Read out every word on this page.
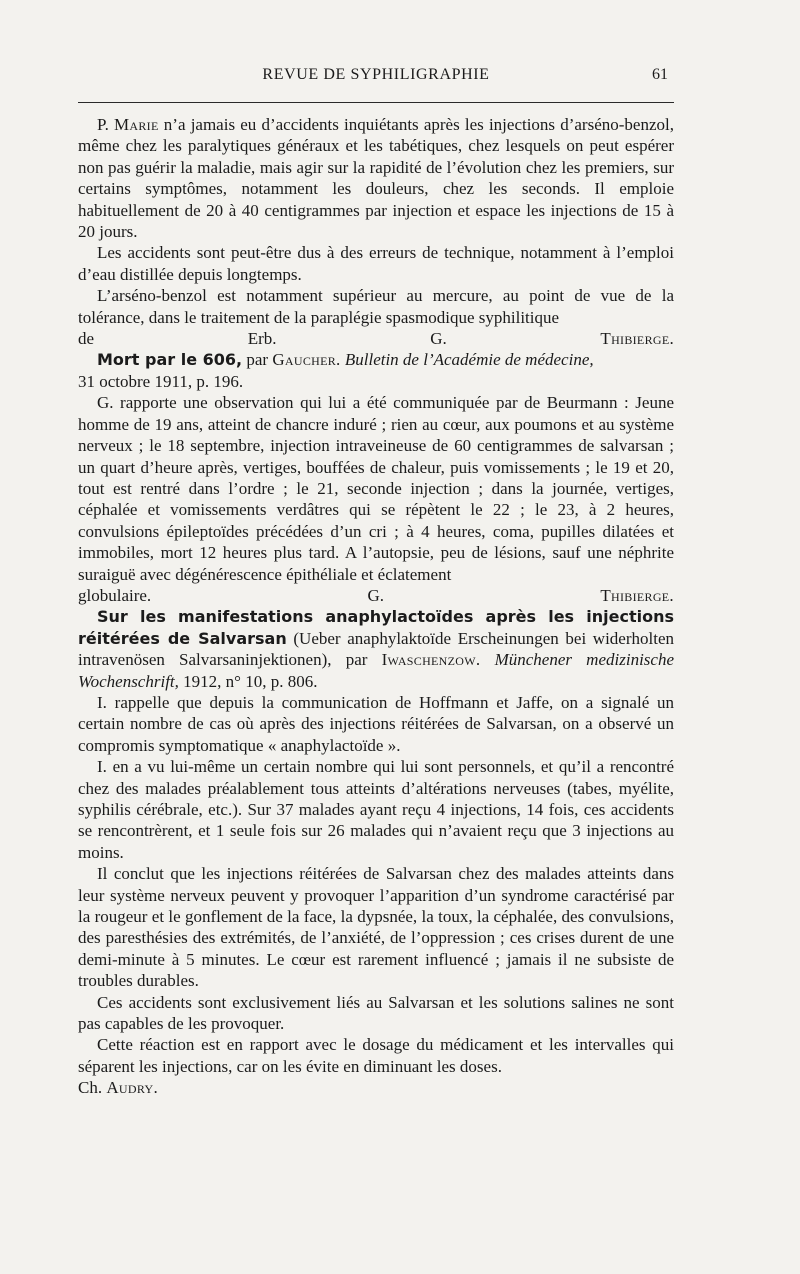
REVUE DE SYPHILIGRAPHIE	61

P. Marie n’a jamais eu d’accidents inquiétants après les injections d’arséno-benzol, même chez les paralytiques généraux et les tabétiques, chez lesquels on peut espérer non pas guérir la maladie, mais agir sur la rapidité de l’évolution chez les premiers, sur certains symptômes, notamment les douleurs, chez les seconds. Il emploie habituellement de 20 à 40 centigrammes par injection et espace les injections de 15 à 20 jours.

Les accidents sont peut-être dus à des erreurs de technique, notamment à l’emploi d’eau distillée depuis longtemps.

L’arséno-benzol est notamment supérieur au mercure, au point de vue de la tolérance, dans le traitement de la paraplégie spasmodique syphilitique

de Erb.	G. Thibierge.

Mort par le 606, par Gaucher. Bulletin de l’Académie de médecine,

31 octobre 1911, p. 196.

G. rapporte une observation qui lui a été communiquée par de Beurmann : Jeune homme de 19 ans, atteint de chancre induré ; rien au cœur, aux poumons et au système nerveux ; le 18 septembre, injection intraveineuse de 60 centigrammes de salvarsan ; un quart d’heure après, vertiges, bouffées de chaleur, puis vomissements ; le 19 et 20, tout est rentré dans l’ordre ; le 21, seconde injection ; dans la journée, vertiges, céphalée et vomissements verdâtres qui se répètent le 22 ; le 23, à 2 heures, convulsions épileptoïdes précédées d’un cri ; à 4 heures, coma, pupilles dilatées et immobiles, mort 12 heures plus tard. A l’autopsie, peu de lésions, sauf une néphrite suraiguë avec dégénérescence épithéliale et éclatement

globulaire.	G. Thibierge.

Sur les manifestations anaphylactoïdes après les injections réitérées de Salvarsan (Ueber anaphylaktoïde Erscheinungen bei widerholten intravenösen Salvarsaninjektionen), par Iwaschenzow. Münchener medizinische Wochenschrift, 1912, n° 10, p. 806.

I. rappelle que depuis la communication de Hoffmann et Jaffe, on a signalé un certain nombre de cas où après des injections réitérées de Salvarsan, on a observé un compromis symptomatique « anaphylactoïde ».

I. en a vu lui-même un certain nombre qui lui sont personnels, et qu’il a rencontré chez des malades préalablement tous atteints d’altérations nerveuses (tabes, myélite, syphilis cérébrale, etc.). Sur 37 malades ayant reçu 4 injections, 14 fois, ces accidents se rencontrèrent, et 1 seule fois sur 26 malades qui n’avaient reçu que 3 injections au moins.

Il conclut que les injections réitérées de Salvarsan chez des malades atteints dans leur système nerveux peuvent y provoquer l’apparition d’un syndrome caractérisé par la rougeur et le gonflement de la face, la dypsnée, la toux, la céphalée, des convulsions, des paresthésies des extrémités, de l’anxiété, de l’oppression ; ces crises durent de une demi-minute à 5 minutes. Le cœur est rarement influencé ; jamais il ne subsiste de troubles durables.

Ces accidents sont exclusivement liés au Salvarsan et les solutions salines ne sont pas capables de les provoquer.

Cette réaction est en rapport avec le dosage du médicament et les intervalles qui séparent les injections, car on les évite en diminuant les doses.

Ch. Audry.
